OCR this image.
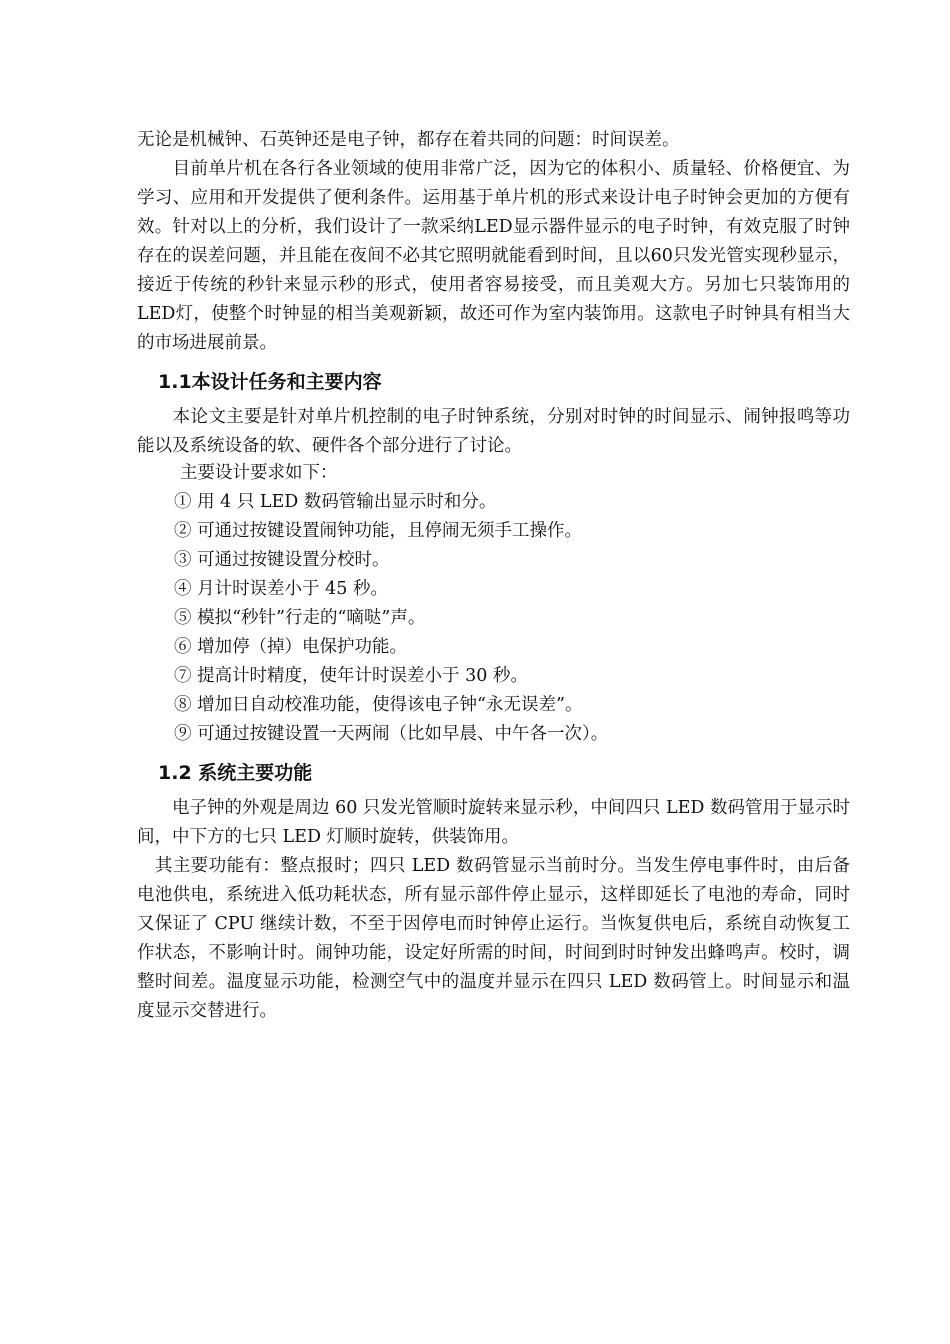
无论是机械钟、石英钟还是电子钟，都存在着共同的问题：时间误差。

　　目前单片机在各行各业领域的使用非常广泛，因为它的体积小、质量轻、价格便宜、为学习、应用和开发提供了便利条件。运用基于单片机的形式来设计电子时钟会更加的方便有效。针对以上的分析，我们设计了一款采纳LED显示器件显示的电子时钟，有效克服了时钟存在的误差问题，并且能在夜间不必其它照明就能看到时间，且以60只发光管实现秒显示，接近于传统的秒针来显示秒的形式，使用者容易接受，而且美观大方。另加七只装饰用的LED灯，使整个时钟显的相当美观新颖，故还可作为室内装饰用。这款电子时钟具有相当大的市场进展前景。

1.1本设计任务和主要内容

　　本论文主要是针对单片机控制的电子时钟系统，分别对时钟的时间显示、闹钟报鸣等功能以及系统设备的软、硬件各个部分进行了讨论。

主要设计要求如下：

① 用 4 只 LED 数码管输出显示时和分。
② 可通过按键设置闹钟功能，且停闹无须手工操作。
③ 可通过按键设置分校时。
④ 月计时误差小于 45 秒。
⑤ 模拟“秒针”行走的“嘀哒”声。
⑥ 增加停（掉）电保护功能。
⑦ 提高计时精度，使年计时误差小于 30 秒。
⑧ 增加日自动校准功能，使得该电子钟“永无误差”。
⑨ 可通过按键设置一天两闹（比如早晨、中午各一次）。
1.2 系统主要功能

　　电子钟的外观是周边 60 只发光管顺时旋转来显示秒，中间四只 LED 数码管用于显示时间，中下方的七只 LED 灯顺时旋转，供装饰用。

　其主要功能有：整点报时；四只 LED 数码管显示当前时分。当发生停电事件时，由后备电池供电，系统进入低功耗状态，所有显示部件停止显示，这样即延长了电池的寿命，同时又保证了 CPU 继续计数，不至于因停电而时钟停止运行。当恢复供电后，系统自动恢复工作状态，不影响计时。闹钟功能，设定好所需的时间，时间到时时钟发出蜂鸣声。校时，调整时间差。温度显示功能，检测空气中的温度并显示在四只 LED 数码管上。时间显示和温度显示交替进行。
